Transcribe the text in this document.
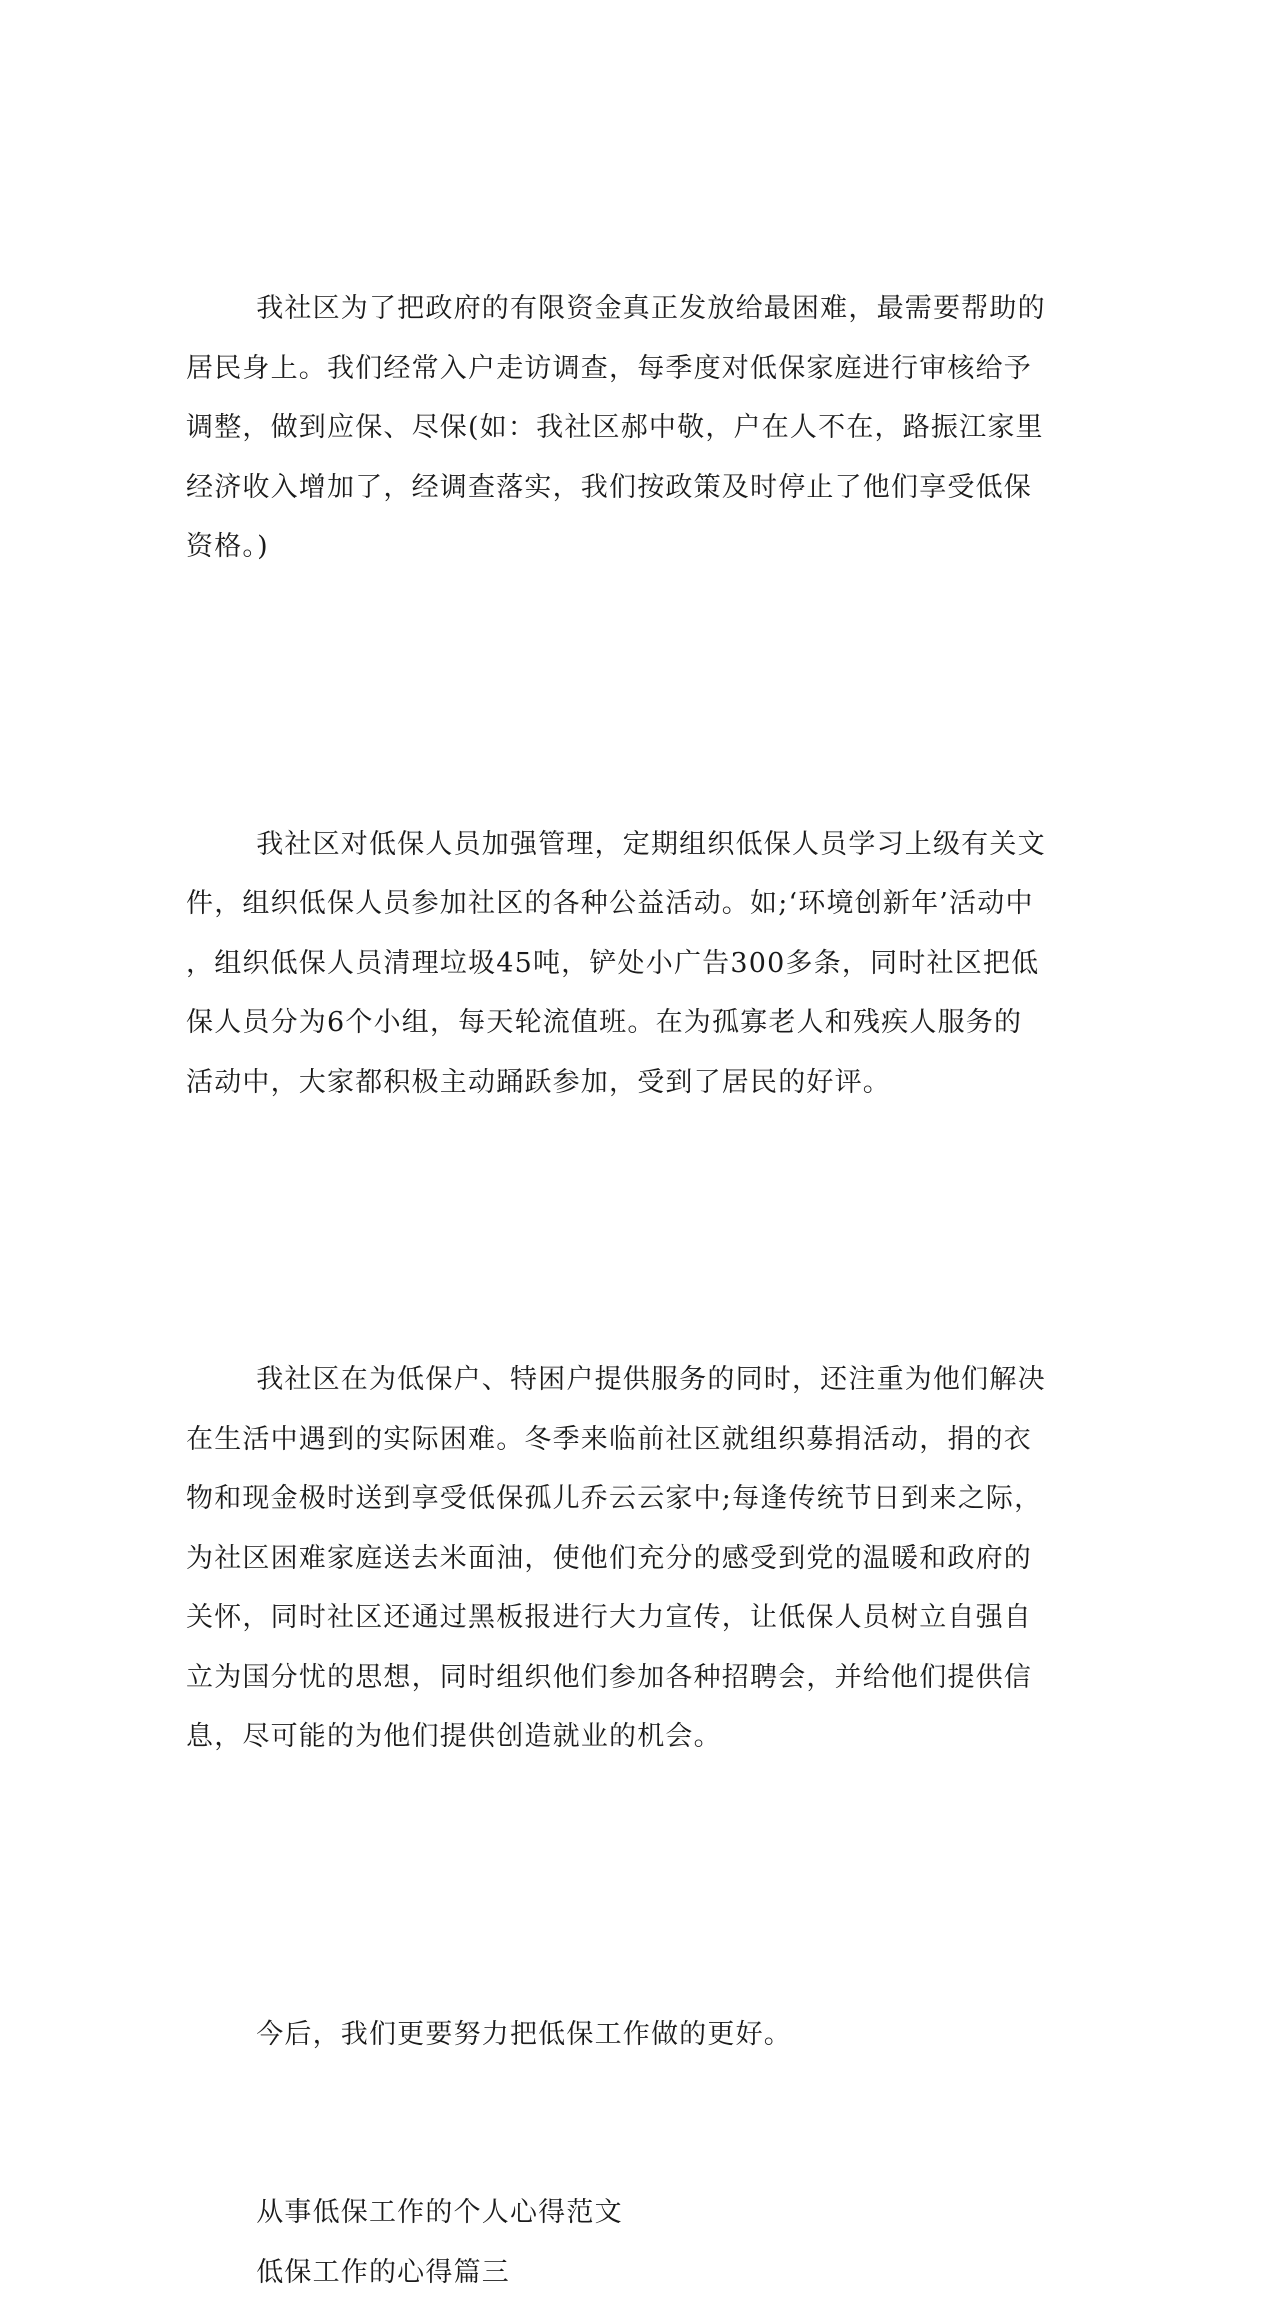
我社区为了把政府的有限资金真正发放给最困难，最需要帮助的
居民身上。我们经常入户走访调查，每季度对低保家庭进行审核给予
调整，做到应保、尽保(如：我社区郝中敬，户在人不在，路振江家里
经济收入增加了，经调查落实，我们按政策及时停止了他们享受低保
资格。)

我社区对低保人员加强管理，定期组织低保人员学习上级有关文
件，组织低保人员参加社区的各种公益活动。如;‘环境创新年’活动中
，组织低保人员清理垃圾45吨，铲处小广告300多条，同时社区把低
保人员分为6个小组，每天轮流值班。在为孤寡老人和残疾人服务的
活动中，大家都积极主动踊跃参加，受到了居民的好评。

我社区在为低保户、特困户提供服务的同时，还注重为他们解决
在生活中遇到的实际困难。冬季来临前社区就组织募捐活动，捐的衣
物和现金极时送到享受低保孤儿乔云云家中;每逢传统节日到来之际，
为社区困难家庭送去米面油，使他们充分的感受到党的温暖和政府的
关怀，同时社区还通过黑板报进行大力宣传，让低保人员树立自强自
立为国分忧的思想，同时组织他们参加各种招聘会，并给他们提供信
息，尽可能的为他们提供创造就业的机会。

今后，我们更要努力把低保工作做的更好。

从事低保工作的个人心得范文

低保工作的心得篇三
